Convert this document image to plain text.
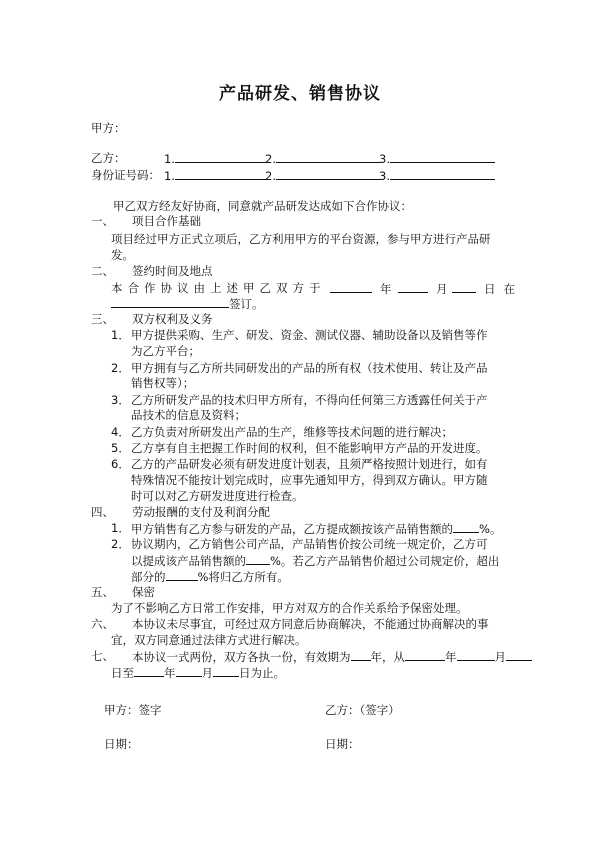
产品研发、销售协议
甲方：
乙方：	1.	2.	3.
身份证号码： 1.	2.	3.
甲乙双方经友好协商，同意就产品研发达成如下合作协议：
一、 项目合作基础
项目经过甲方正式立项后，乙方利用甲方的平台资源，参与甲方进行产品研
发。
二、 签约时间及地点
本合作协议由上述甲乙双方于	年	月	日在
签订。
三、 双方权利及义务
1． 甲方提供采购、生产、研发、资金、测试仪器、辅助设备以及销售等作
为乙方平台；
2． 甲方拥有与乙方所共同研发出的产品的所有权（技术使用、转让及产品
销售权等）；
3． 乙方所研发产品的技术归甲方所有，不得向任何第三方透露任何关于产
品技术的信息及资料；
4． 乙方负责对所研发出产品的生产，维修等技术问题的进行解决；
5． 乙方享有自主把握工作时间的权利，但不能影响甲方产品的开发进度。
6． 乙方的产品研发必须有研发进度计划表，且须严格按照计划进行，如有
特殊情况不能按计划完成时，应事先通知甲方，得到双方确认。甲方随
时可以对乙方研发进度进行检查。
四、 劳动报酬的支付及利润分配
1． 甲方销售有乙方参与研发的产品，乙方提成额按该产品销售额的 %。
2． 协议期内，乙方销售公司产品，产品销售价按公司统一规定价，乙方可
以提成该产品销售额的 %。若乙方产品销售价超过公司规定价，超出
部分的	%将归乙方所有。
五、 保密
为了不影响乙方日常工作安排，甲方对双方的合作关系给予保密处理。
六、 本协议未尽事宜，可经过双方同意后协商解决，不能通过协商解决的事
宜，双方同意通过法律方式进行解决。
七、 本协议一式两份，双方各执一份，有效期为 年，从	年	月
日至	年 月 日为止。
甲方：签字	乙方：（签字）
日期：	日期：
